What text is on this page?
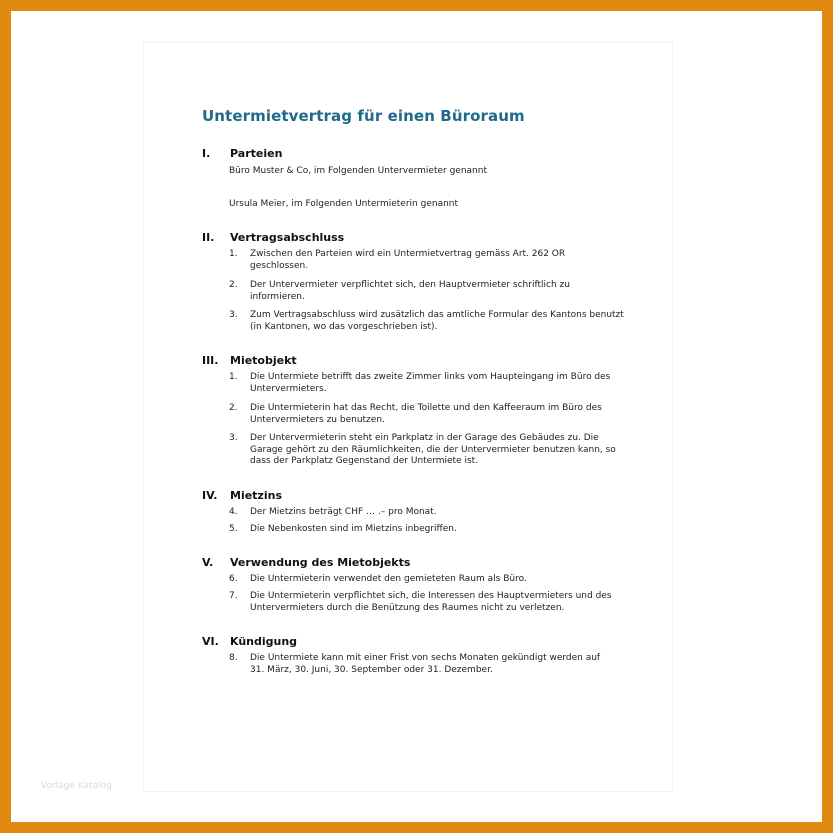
Untermietvertrag für einen Büroraum
I. Parteien
Büro Muster & Co, im Folgenden Untervermieter genannt
Ursula Meier, im Folgenden Untermieterin genannt
II. Vertragsabschluss
1.	Zwischen den Parteien wird ein Untermietvertrag gemäss Art. 262 OR
geschlossen.
2.	Der Untervermieter verpflichtet sich, den Hauptvermieter schriftlich zu
informieren.
3.	Zum Vertragsabschluss wird zusätzlich das amtliche Formular des Kantons benutzt
(in Kantonen, wo das vorgeschrieben ist).
III. Mietobjekt
1.	Die Untermiete betrifft das zweite Zimmer links vom Haupteingang im Büro des
Untervermieters.
2.	Die Untermieterin hat das Recht, die Toilette und den Kaffeeraum im Büro des
Untervermieters zu benutzen.
3.	Der Untervermieterin steht ein Parkplatz in der Garage des Gebäudes zu. Die
Garage gehört zu den Räumlichkeiten, die der Untervermieter benutzen kann, so
dass der Parkplatz Gegenstand der Untermiete ist.
IV. Mietzins
4.	Der Mietzins beträgt CHF … .– pro Monat.
5.	Die Nebenkosten sind im Mietzins inbegriffen.
V. Verwendung des Mietobjekts
6.	Die Untermieterin verwendet den gemieteten Raum als Büro.
7.	Die Untermieterin verpflichtet sich, die Interessen des Hauptvermieters und des
Untervermieters durch die Benützung des Raumes nicht zu verletzen.
VI. Kündigung
8.	Die Untermiete kann mit einer Frist von sechs Monaten gekündigt werden auf
31. März, 30. Juni, 30. September oder 31. Dezember.
Vorlage Katalog
